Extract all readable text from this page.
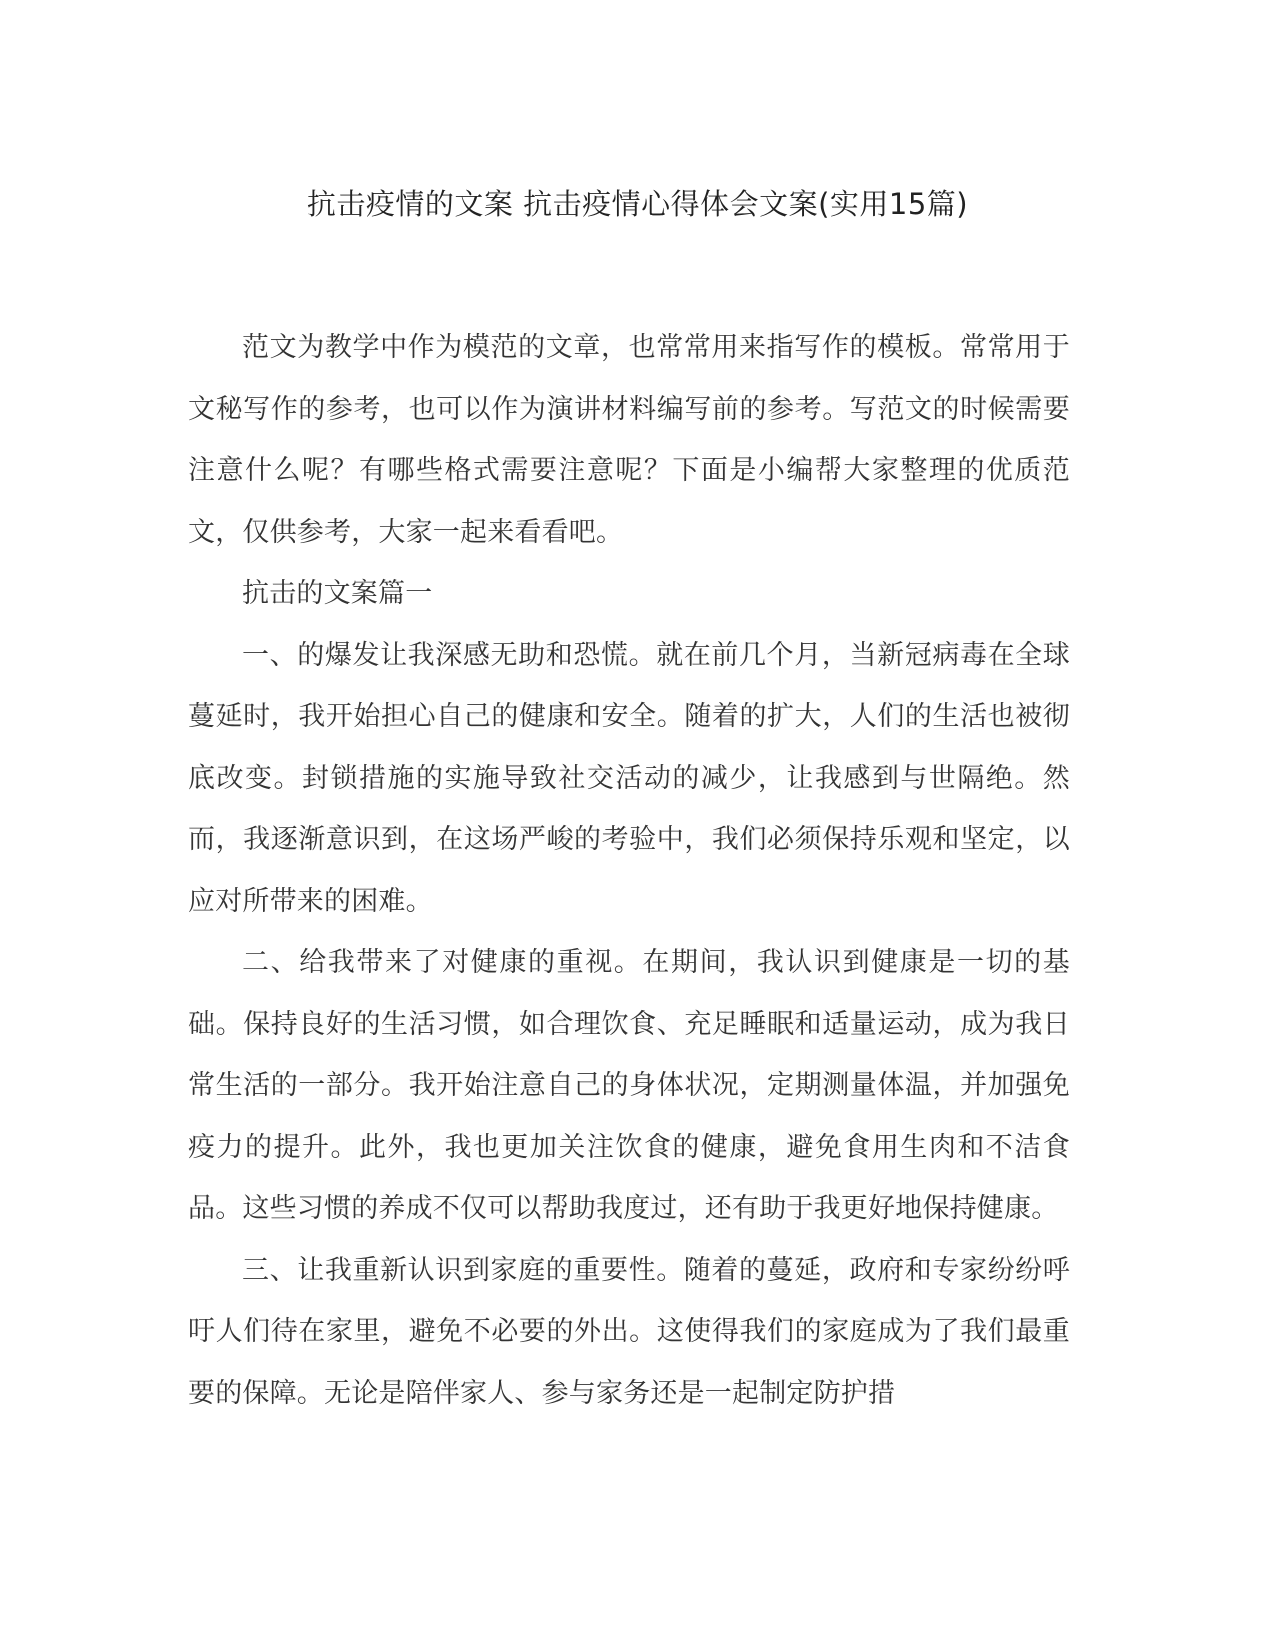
抗击疫情的文案 抗击疫情心得体会文案(实用15篇)

范文为教学中作为模范的文章，也常常用来指写作的模板。常常用于文秘写作的参考，也可以作为演讲材料编写前的参考。写范文的时候需要注意什么呢？有哪些格式需要注意呢？下面是小编帮大家整理的优质范文，仅供参考，大家一起来看看吧。

抗击的文案篇一

一、的爆发让我深感无助和恐慌。就在前几个月，当新冠病毒在全球蔓延时，我开始担心自己的健康和安全。随着的扩大，人们的生活也被彻底改变。封锁措施的实施导致社交活动的减少，让我感到与世隔绝。然而，我逐渐意识到，在这场严峻的考验中，我们必须保持乐观和坚定，以应对所带来的困难。

二、给我带来了对健康的重视。在期间，我认识到健康是一切的基础。保持良好的生活习惯，如合理饮食、充足睡眠和适量运动，成为我日常生活的一部分。我开始注意自己的身体状况，定期测量体温，并加强免疫力的提升。此外，我也更加关注饮食的健康，避免食用生肉和不洁食品。这些习惯的养成不仅可以帮助我度过，还有助于我更好地保持健康。

三、让我重新认识到家庭的重要性。随着的蔓延，政府和专家纷纷呼吁人们待在家里，避免不必要的外出。这使得我们的家庭成为了我们最重要的保障。无论是陪伴家人、参与家务还是一起制定防护措
